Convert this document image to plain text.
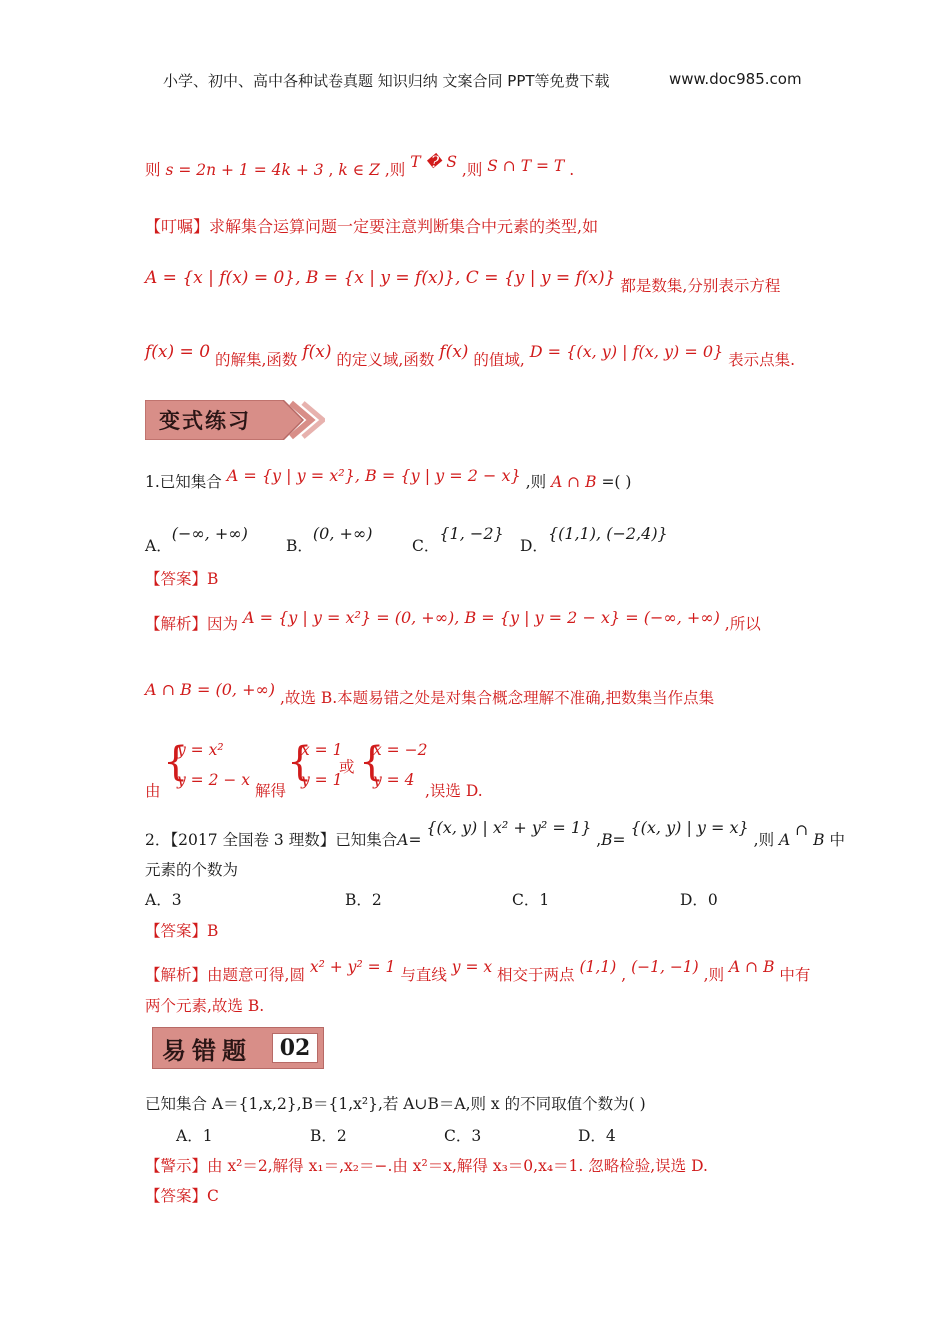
小学、初中、高中各种试卷真题 知识归纳 文案合同 PPT等免费下载	www.doc985.com
则 s = 2n + 1 = 4k + 3 , k ∈ Z ,则 T � S ,则 S ∩ T = T .
【叮嘱】求解集合运算问题一定要注意判断集合中元素的类型,如
A = {x | f(x) = 0}, B = {x | y = f(x)}, C = {y | y = f(x)} 都是数集,分别表示方程
f(x) = 0 的解集,函数 f(x) 的定义域,函数 f(x) 的值域, D = {(x, y) | f(x, y) = 0} 表示点集.
变式练习
1.已知集合 A = {y | y = x²}, B = {y | y = 2 − x} ,则 A ∩ B =( )
A．(−∞, +∞)
B．(0, +∞)
C．{1, −2}
D．{(1,1), (−2,4)}
【答案】B
【解析】因为 A = {y | y = x²} = (0, +∞), B = {y | y = 2 − x} = (−∞, +∞) ,所以
A ∩ B = (0, +∞) ,故选 B.本题易错之处是对集合概念理解不准确,把数集当作点集
由
{
y = x²
y = 2 − x
解得
{
x = 1
y = 1
或 {
x = −2
y = 4
,误选 D.
2．【2017 全国卷 3 理数】已知集合A= {(x, y) | x² + y² = 1} ,B= {(x, y) | y = x} ,则 A ∩ B 中
元素的个数为
A．3	B．2	C．1	D．0
【答案】B
【解析】由题意可得,圆 x² + y² = 1 与直线 y = x 相交于两点 (1,1) , (−1, −1) ,则 A ∩ B 中有
两个元素,故选 B.
易错题	02
已知集合 A＝{1,x,2},B＝{1,x²},若 A∪B＝A,则 x 的不同取值个数为( )
A．1	B．2	C．3	D．4
【警示】由 x²＝2,解得 x₁＝,x₂＝−.由 x²＝x,解得 x₃＝0,x₄＝1. 忽略检验,误选 D.
【答案】C
